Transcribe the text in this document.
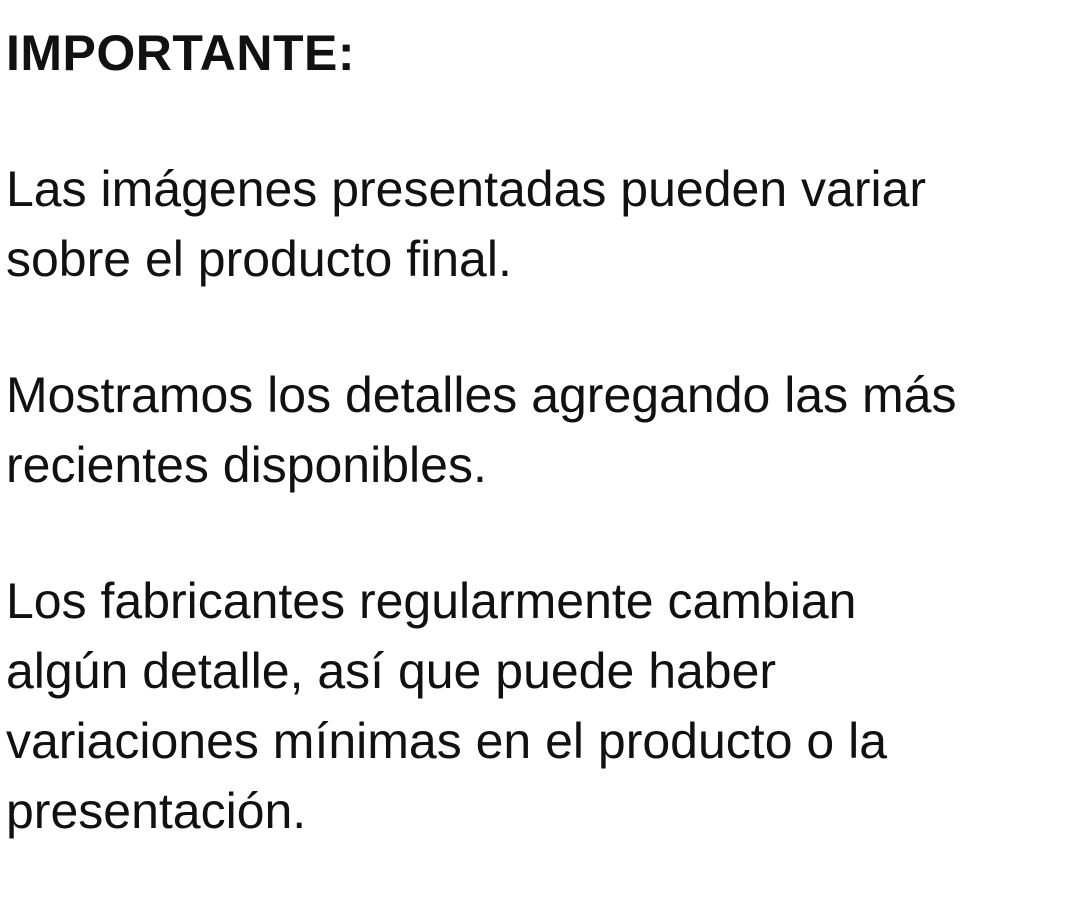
IMPORTANTE:
Las imágenes presentadas pueden variar
sobre el producto final.
Mostramos los detalles agregando las más
recientes disponibles.
Los fabricantes regularmente cambian
algún detalle, así que puede haber
variaciones mínimas en el producto o la
presentación.
